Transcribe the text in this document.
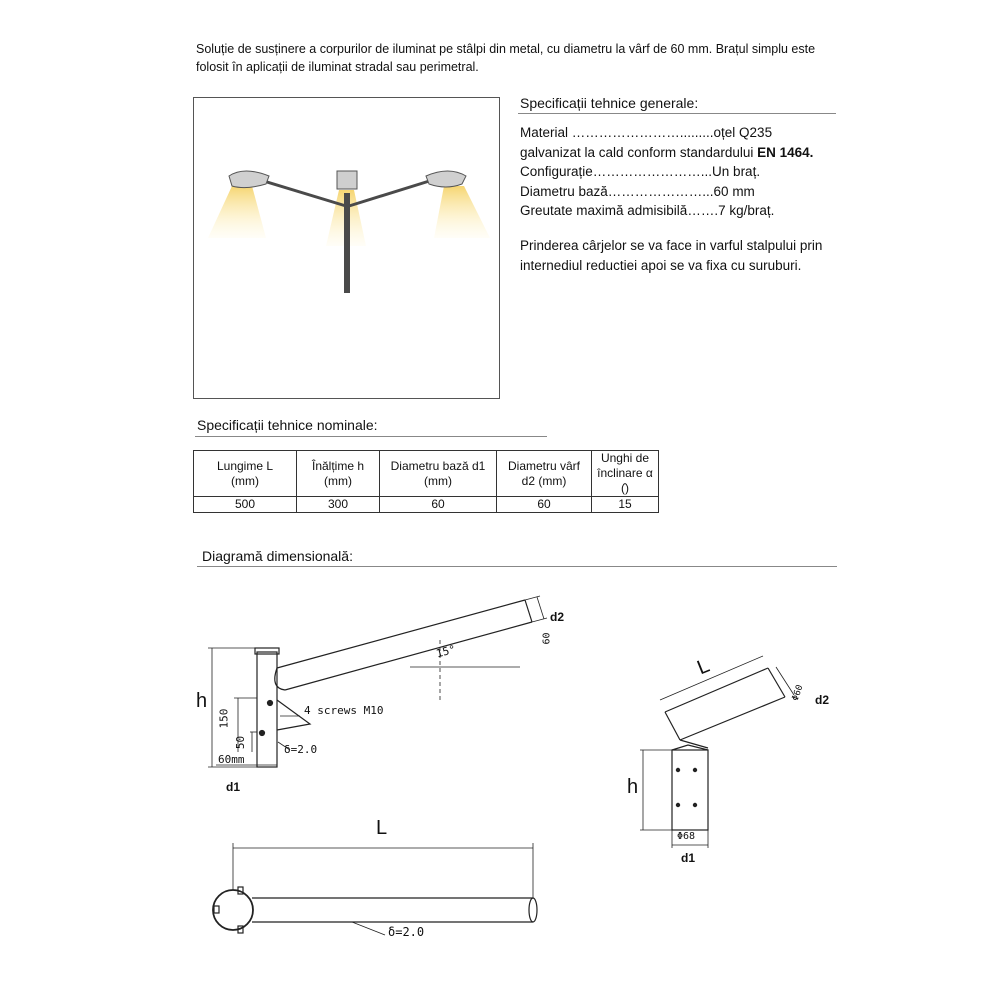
Soluție de susținere a corpurilor de iluminat pe stâlpi din metal, cu diametru la vârf de 60 mm. Brațul simplu este
folosit în aplicații de iluminat stradal sau perimetral.
Specificații tehnice generale:
Material …………………….........oțel Q235
galvanizat la cald conform standardului EN 1464.
Configurație……………………...Un braț.
Diametru bază…………………...60 mm
Greutate maximă admisibilă…….7 kg/braț.
Prinderea cârjelor se va face in varful stalpului prin
internediul reductiei apoi se va fixa cu suruburi.
Specificații tehnice nominale:
Lungime L
(mm)	Înălțime h
(mm)	Diametru bază d1
(mm)	Diametru vârf
d2 (mm)	Unghi de
înclinare α (̂)
500	300	60	60	15
Diagramă dimensională:
h
d1
d2
150
50
60mm
15°
60
4 screws M10
δ=2.0
L
h
d1
d2
Φ60
Φ68
L
δ=2.0
